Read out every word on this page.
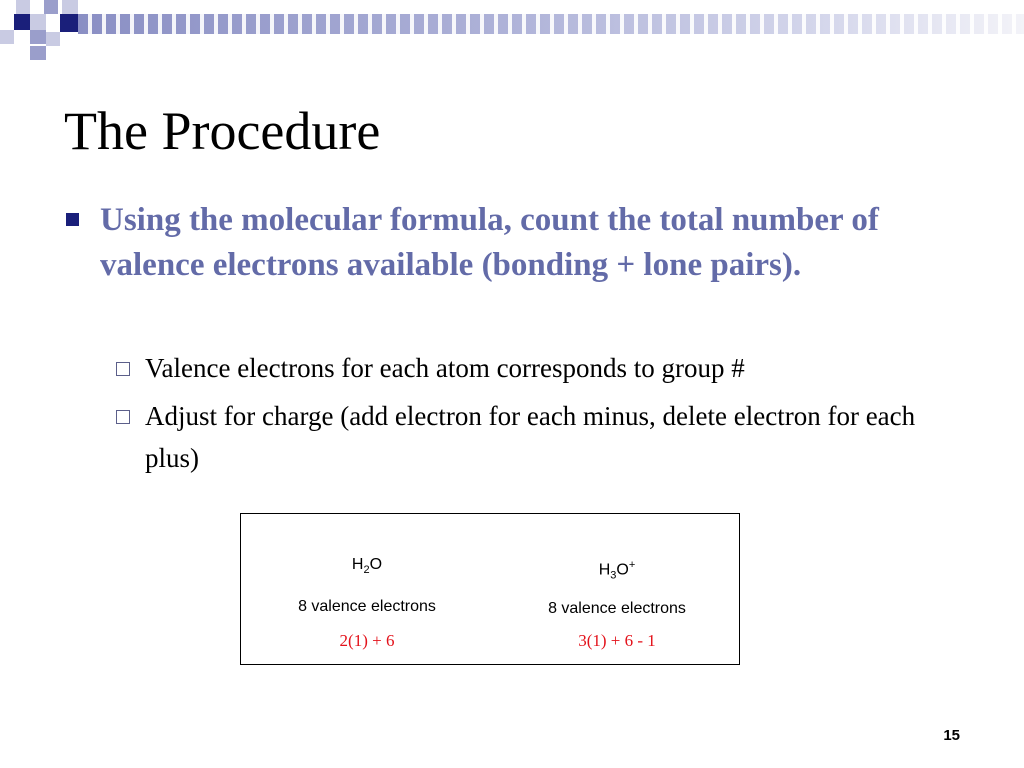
The Procedure

Using the molecular formula, count the total number of valence electrons available (bonding + lone pairs).

Valence electrons for each atom corresponds to group #

Adjust for charge (add electron for each minus, delete electron for each plus)

$H_2O$
8 valence electrons
2(1) + 6
$H_3O^+$
8 valence electrons
3(1) + 6 - 1
15
